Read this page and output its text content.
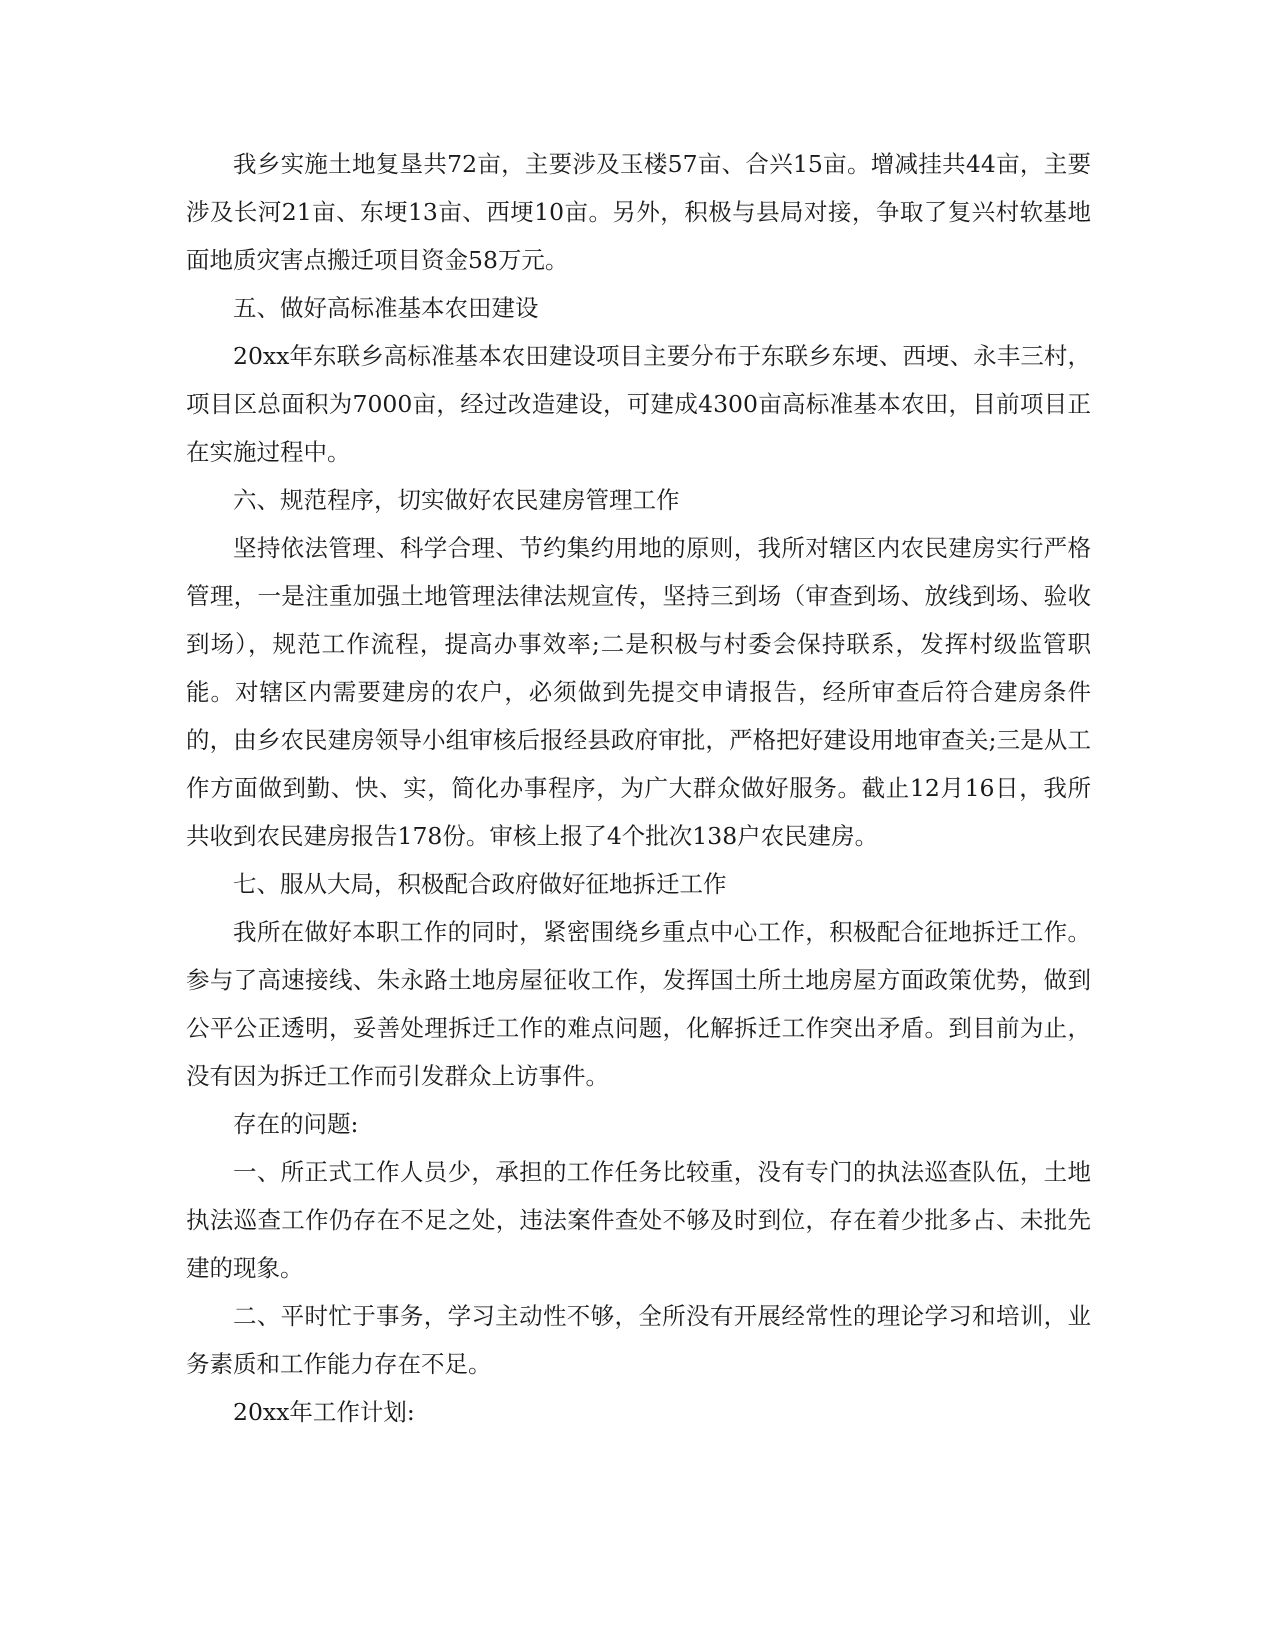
我乡实施土地复垦共72亩，主要涉及玉楼57亩、合兴15亩。增减挂共44亩，主要涉及长河21亩、东埂13亩、西埂10亩。另外，积极与县局对接，争取了复兴村软基地面地质灾害点搬迁项目资金58万元。

五、做好高标准基本农田建设

20xx年东联乡高标准基本农田建设项目主要分布于东联乡东埂、西埂、永丰三村，项目区总面积为7000亩，经过改造建设，可建成4300亩高标准基本农田，目前项目正在实施过程中。

六、规范程序，切实做好农民建房管理工作

坚持依法管理、科学合理、节约集约用地的原则，我所对辖区内农民建房实行严格管理，一是注重加强土地管理法律法规宣传，坚持三到场（审查到场、放线到场、验收到场），规范工作流程，提高办事效率;二是积极与村委会保持联系，发挥村级监管职能。对辖区内需要建房的农户，必须做到先提交申请报告，经所审查后符合建房条件的，由乡农民建房领导小组审核后报经县政府审批，严格把好建设用地审查关;三是从工作方面做到勤、快、实，简化办事程序，为广大群众做好服务。截止12月16日，我所共收到农民建房报告178份。审核上报了4个批次138户农民建房。

七、服从大局，积极配合政府做好征地拆迁工作

我所在做好本职工作的同时，紧密围绕乡重点中心工作，积极配合征地拆迁工作。参与了高速接线、朱永路土地房屋征收工作，发挥国土所土地房屋方面政策优势，做到公平公正透明，妥善处理拆迁工作的难点问题，化解拆迁工作突出矛盾。到目前为止，没有因为拆迁工作而引发群众上访事件。

存在的问题:

一、所正式工作人员少，承担的工作任务比较重，没有专门的执法巡查队伍，土地执法巡查工作仍存在不足之处，违法案件查处不够及时到位，存在着少批多占、未批先建的现象。

二、平时忙于事务，学习主动性不够，全所没有开展经常性的理论学习和培训，业务素质和工作能力存在不足。

20xx年工作计划:
